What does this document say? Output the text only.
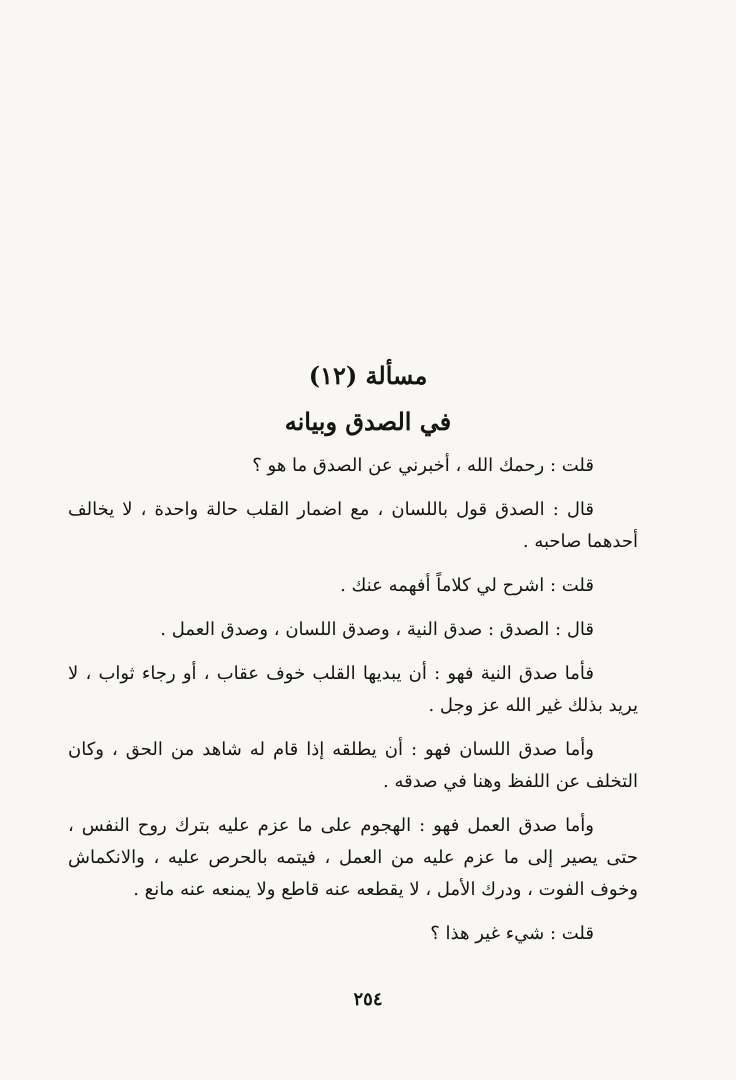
مسألة (١٢)
في الصدق وبيانه

قلت : رحمك الله ، أخبرني عن الصدق ما هو ؟

قال : الصدق قول باللسان ، مع اضمار القلب حالة واحدة ، لا يخالف أحدهما صاحبه .

قلت : اشرح لي كلاماً أفهمه عنك .

قال : الصدق : صدق النية ، وصدق اللسان ، وصدق العمل .

فأما صدق النية فهو : أن يبديها القلب خوف عقاب ، أو رجاء ثواب ، لا يريد بذلك غير الله عز وجل .

وأما صدق اللسان فهو : أن يطلقه إذا قام له شاهد من الحق ، وكان التخلف عن اللفظ وهنا في صدقه .

وأما صدق العمل فهو : الهجوم على ما عزم عليه بترك روح النفس ، حتى يصير إلى ما عزم عليه من العمل ، فيتمه بالحرص عليه ، والانكماش وخوف الفوت ، ودرك الأمل ، لا يقطعه عنه قاطع ولا يمنعه عنه مانع .

قلت : شيء غير هذا ؟

٢٥٤
